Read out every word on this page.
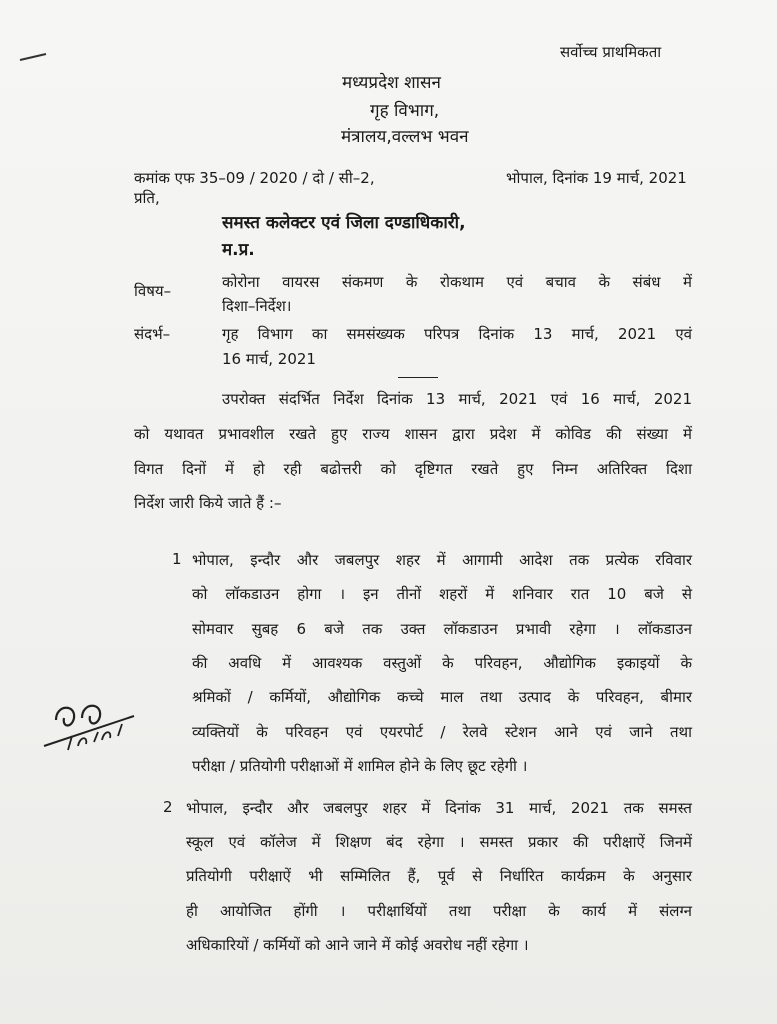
सर्वोच्च प्राथमिकता
मध्यप्रदेश शासन
गृह विभाग,
मंत्रालय,वल्लभ भवन
कमांक एफ 35–09 / 2020 / दो / सी–2,	भोपाल, दिनांक 19 मार्च, 2021
प्रति,
समस्त कलेक्टर एवं जिला दण्डाधिकारी,
म.प्र.
विषय–	कोरोना वायरस संकमण के रोकथाम एवं बचाव के संबंध में
दिशा–निर्देश।
संदर्भ–	गृह विभाग का समसंख्यक परिपत्र दिनांक 13 मार्च, 2021 एवं
16 मार्च, 2021
उपरोक्त संदर्भित निर्देश दिनांक 13 मार्च, 2021 एवं 16 मार्च, 2021
को यथावत प्रभावशील रखते हुए राज्य शासन द्वारा प्रदेश में कोविड की संख्या में
विगत दिनों में हो रही बढोत्तरी को दृष्टिगत रखते हुए निम्न अतिरिक्त दिशा
निर्देश जारी किये जाते हैं :–
1 भोपाल, इन्दौर और जबलपुर शहर में आगामी आदेश तक प्रत्येक रविवार
को लॉकडाउन होगा । इन तीनों शहरों में शनिवार रात 10 बजे से
सोमवार सुबह 6 बजे तक उक्त लॉकडाउन प्रभावी रहेगा । लॉकडाउन
की अवधि में आवश्यक वस्तुओं के परिवहन, औद्योगिक इकाइयों के
श्रमिकों / कर्मियों, औद्योगिक कच्चे माल तथा उत्पाद के परिवहन, बीमार
व्यक्तियों के परिवहन एवं एयरपोर्ट / रेलवे स्टेशन आने एवं जाने तथा
परीक्षा / प्रतियोगी परीक्षाओं में शामिल होने के लिए छूट रहेगी ।
2 भोपाल, इन्दौर और जबलपुर शहर में दिनांक 31 मार्च, 2021 तक समस्त
स्कूल एवं कॉलेज में शिक्षण बंद रहेगा । समस्त प्रकार की परीक्षाऐं जिनमें
प्रतियोगी परीक्षाऐं भी सम्मिलित हैं, पूर्व से निर्धारित कार्यक्रम के अनुसार
ही आयोजित होंगी । परीक्षार्थियों तथा परीक्षा के कार्य में संलग्न
अधिकारियों / कर्मियों को आने जाने में कोई अवरोध नहीं रहेगा ।
